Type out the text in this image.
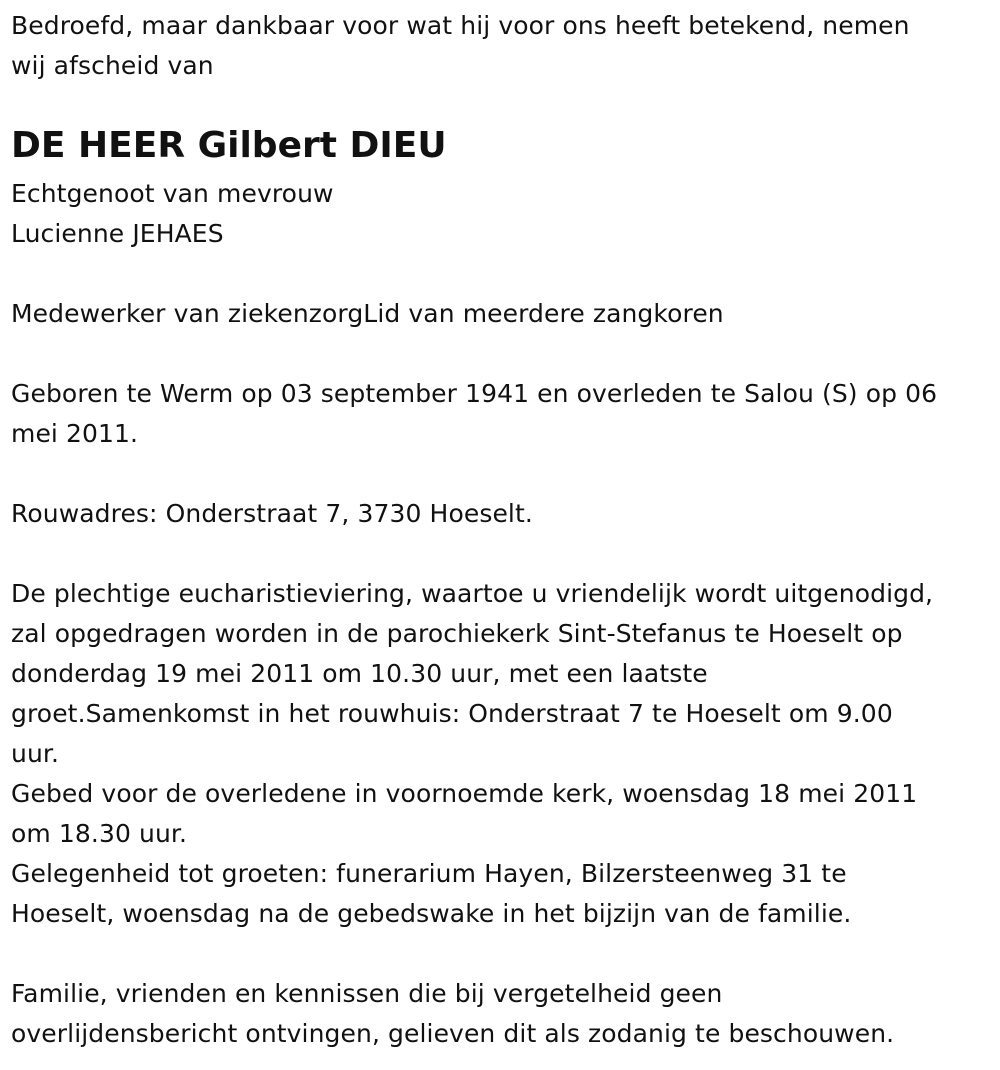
Bedroefd, maar dankbaar voor wat hij voor ons heeft betekend, nemen
wij afscheid van
DE HEER Gilbert DIEU
Echtgenoot van mevrouw
Lucienne JEHAES
Medewerker van ziekenzorgLid van meerdere zangkoren
Geboren te Werm op 03 september 1941 en overleden te Salou (S) op 06
mei 2011.
Rouwadres: Onderstraat 7, 3730 Hoeselt.
De plechtige eucharistieviering, waartoe u vriendelijk wordt uitgenodigd,
zal opgedragen worden in de parochiekerk Sint-Stefanus te Hoeselt op
donderdag 19 mei 2011 om 10.30 uur, met een laatste
groet.Samenkomst in het rouwhuis: Onderstraat 7 te Hoeselt om 9.00
uur.
Gebed voor de overledene in voornoemde kerk, woensdag 18 mei 2011
om 18.30 uur.
Gelegenheid tot groeten: funerarium Hayen, Bilzersteenweg 31 te
Hoeselt, woensdag na de gebedswake in het bijzijn van de familie.
Familie, vrienden en kennissen die bij vergetelheid geen
overlijdensbericht ontvingen, gelieven dit als zodanig te beschouwen.
